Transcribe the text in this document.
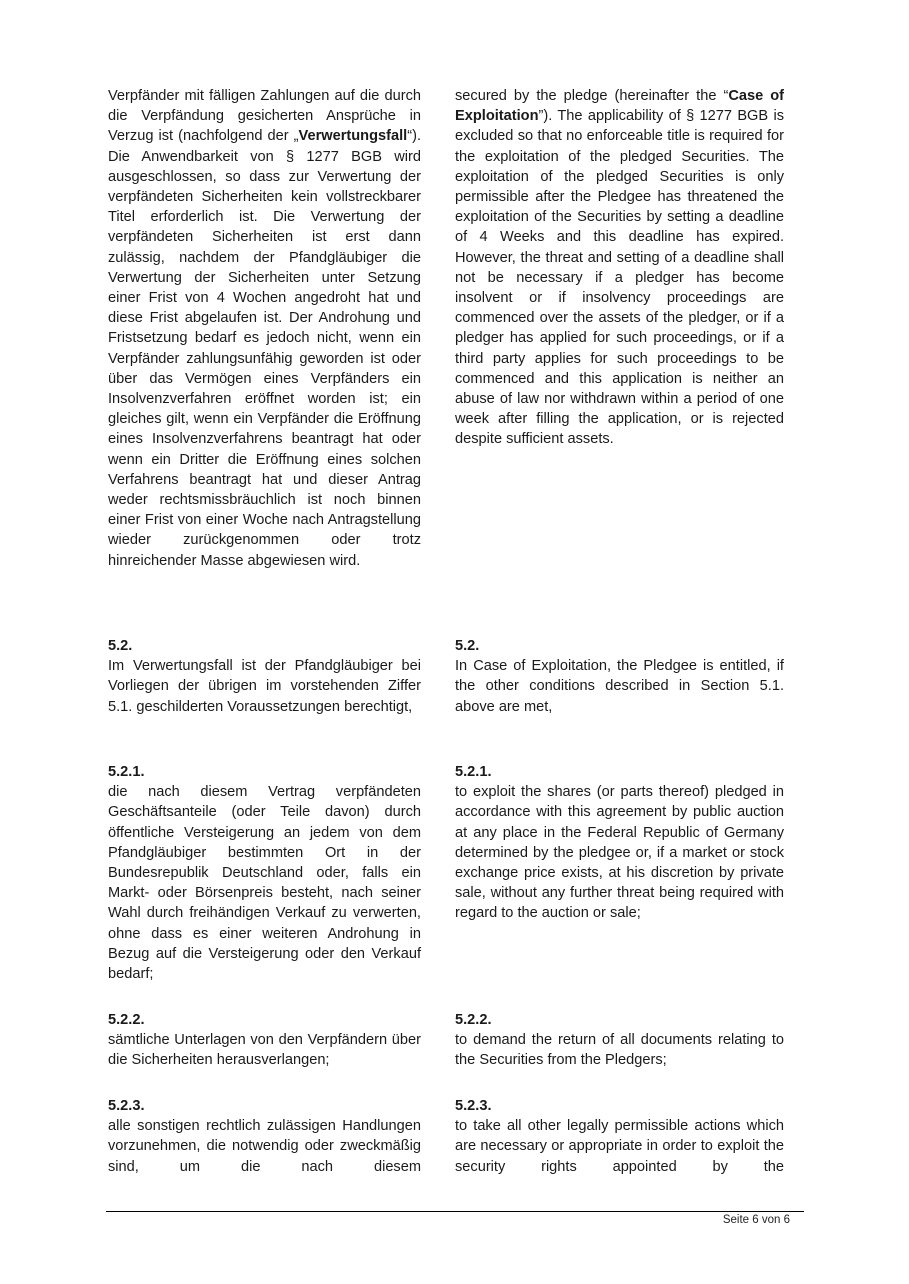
Verpfänder mit fälligen Zahlungen auf die durch die Verpfändung gesicherten Ansprüche in Verzug ist (nachfolgend der „Verwertungsfall“). Die Anwendbarkeit von § 1277 BGB wird ausgeschlossen, so dass zur Verwertung der verpfändeten Sicherheiten kein vollstreckbarer Titel erforderlich ist. Die Verwertung der verpfändeten Sicherheiten ist erst dann zulässig, nachdem der Pfandgläubiger die Verwertung der Sicherheiten unter Setzung einer Frist von 4 Wochen angedroht hat und diese Frist abgelaufen ist. Der Androhung und Fristsetzung bedarf es jedoch nicht, wenn ein Verpfänder zahlungsunfähig geworden ist oder über das Vermögen eines Verpfänders ein Insolvenzverfahren eröffnet worden ist; ein gleiches gilt, wenn ein Verpfänder die Eröffnung eines Insolvenzverfahrens beantragt hat oder wenn ein Dritter die Eröffnung eines solchen Verfahrens beantragt hat und dieser Antrag weder rechtsmissbräuchlich ist noch binnen einer Frist von einer Woche nach Antragstellung wieder zurückgenommen oder trotz hinreichender Masse abgewiesen wird.

5.2.

Im Verwertungsfall ist der Pfandgläubiger bei Vorliegen der übrigen im vorstehenden Ziffer 5.1. geschilderten Voraussetzungen berechtigt,

5.2.1.

die nach diesem Vertrag verpfändeten Geschäftsanteile (oder Teile davon) durch öffentliche Versteigerung an jedem von dem Pfandgläubiger bestimmten Ort in der Bundesrepublik Deutschland oder, falls ein Markt- oder Börsenpreis besteht, nach seiner Wahl durch freihändigen Verkauf zu verwerten, ohne dass es einer weiteren Androhung in Bezug auf die Versteigerung oder den Verkauf bedarf;

5.2.2.

sämtliche Unterlagen von den Verpfändern über die Sicherheiten herausverlangen;

5.2.3.

alle sonstigen rechtlich zulässigen Handlungen vorzunehmen, die notwendig oder zweckmäßig sind, um die nach diesem

secured by the pledge (hereinafter the “Case of Exploitation”). The applicability of § 1277 BGB is excluded so that no enforceable title is required for the exploitation of the pledged Securities. The exploitation of the pledged Securities is only permissible after the Pledgee has threatened the exploitation of the Securities by setting a deadline of 4 Weeks and this deadline has expired. However, the threat and setting of a deadline shall not be necessary if a pledger has become insolvent or if insolvency proceedings are commenced over the assets of the pledger, or if a pledger has applied for such proceedings, or if a third party applies for such proceedings to be commenced and this application is neither an abuse of law nor withdrawn within a period of one week after filling the application, or is rejected despite sufficient assets.

5.2.

In Case of Exploitation, the Pledgee is entitled, if the other conditions described in Section 5.1. above are met,

5.2.1.

to exploit the shares (or parts thereof) pledged in accordance with this agreement by public auction at any place in the Federal Republic of Germany determined by the pledgee or, if a market or stock exchange price exists, at his discretion by private sale, without any further threat being required with regard to the auction or sale;

5.2.2.

to demand the return of all documents relating to the Securities from the Pledgers;

5.2.3.

to take all other legally permissible actions which are necessary or appropriate in order to exploit the security rights appointed by the

Seite 6 von 6
